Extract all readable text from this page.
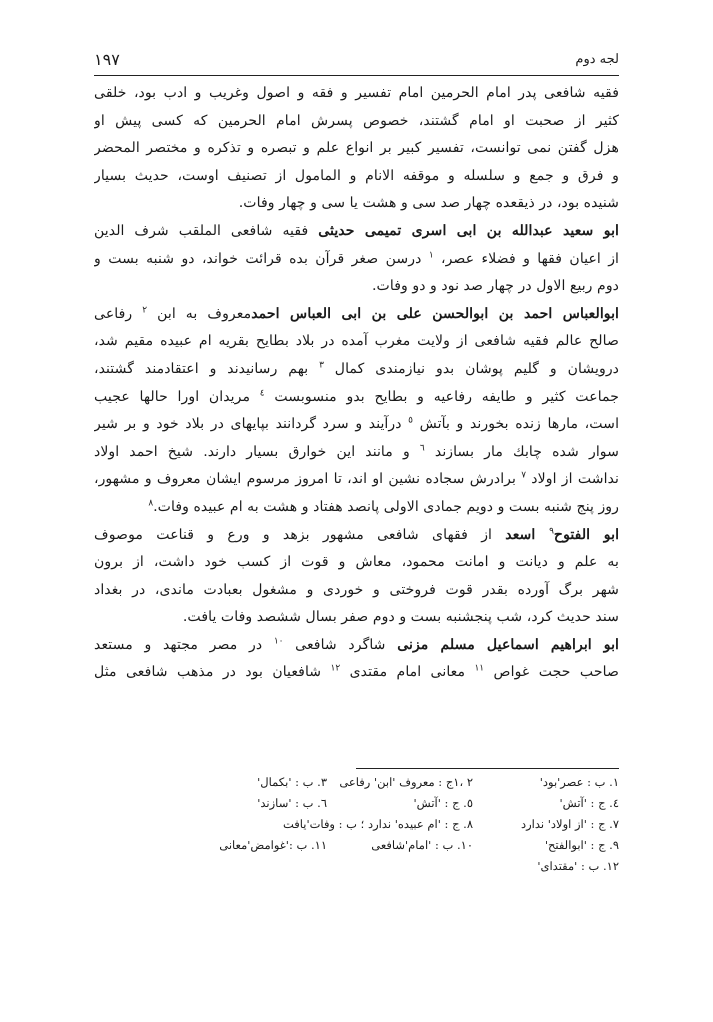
۱۹۷	لجه دوم
فقیه شافعی پدر امام الحرمین امام تفسیر و فقه و اصول وغریب و ادب بود، خلقی
کثیر از صحبت او امام گشتند، خصوص پسرش امام الحرمین که کسی پیش او
هزل گفتن نمی توانست، تفسیر کبیر بر انواع علم و تبصره و تذکره و مختصر المحضر
و فرق و جمع و سلسله و موقفه الانام و المامول از تصنیف اوست، حدیث بسیار
شنیده بود، در ذیقعده چهار صد سی و هشت یا سی و چهار وفات.
ابو سعید عبدالله بن ابی اسری تمیمی حدیثی فقیه شافعی الملقب شرف الدین
از اعیان فقها و فضلاء عصر، $^۱$ درسن صغر قرآن بده قرائت خواند، دو شنبه بست و
دوم ربیع الاول در چهار صد نود و دو وفات.
ابوالعباس احمد بن ابوالحسن علی بن ابی العباس احمدمعروف به ابن $^۲$ رفاعی
صالح عالم فقیه شافعی از ولایت مغرب آمده در بلاد بطایح بقریه ام عبیده مقیم شد،
درویشان و گلیم پوشان بدو نیازمندی کمال $^۳$ بهم رسانیدند و اعتقادمند گشتند،
جماعت کثیر و طایفه رفاعیه و بطایح بدو منسوبست $^٤$ مریدان اورا حالها عجیب
است، مارها زنده بخورند و بآتش $^٥$ درآیند و سرد گردانند بپایهای در بلاد خود و بر شیر
سوار شده چابك مار بسازند $^٦$ و مانند این خوارق بسیار دارند. شیخ احمد اولاد
نداشت از اولاد $^۷$ برادرش سجاده نشین او اند، تا امروز مرسوم ایشان معروف و مشهور،
روز پنج شنبه بست و دویم جمادی الاولی پانصد هفتاد و هشت به ام عبیده وفات.$^۸$
ابو الفتوح$^۹$ اسعد از فقهای شافعی مشهور بزهد و ورع و قناعت موصوف
به علم و دیانت و امانت محمود، معاش و قوت از کسب خود داشت، از برون
شهر برگ آورده بقدر قوت فروختی و خوردی و مشغول بعبادت ماندی، در بغداد
سند حدیث کرد، شب پنجشنبه بست و دوم صفر بسال ششصد وفات یافت.
ابو ابراهیم اسماعیل مسلم مزنی شاگرد شافعی $^{۱۰}$ در مصر مجتهد و مستعد
صاحب حجت غواص $^{۱۱}$ معانی امام مقتدی $^{۱۲}$ شافعیان بود در مذهب شافعی مثل
۱. ب : عصر'بود'
۲ ،۱ج : معروف 'ابن' رفاعی
۳. ب : 'بکمال'
٤. ج : 'آتش'
٥. ج : 'آتش'
٦. ب : 'سازند'
۷. ج : 'از اولاد' ندارد
۸. ج : 'ام عبیده' ندارد ؛ ب : وفات'یافت
۹. ج : 'ابوالفتح'
۱۰. ب : 'امام'شافعی
۱۱. ب :'غوامض'معانی
۱۲. ب : 'مقتدای'
